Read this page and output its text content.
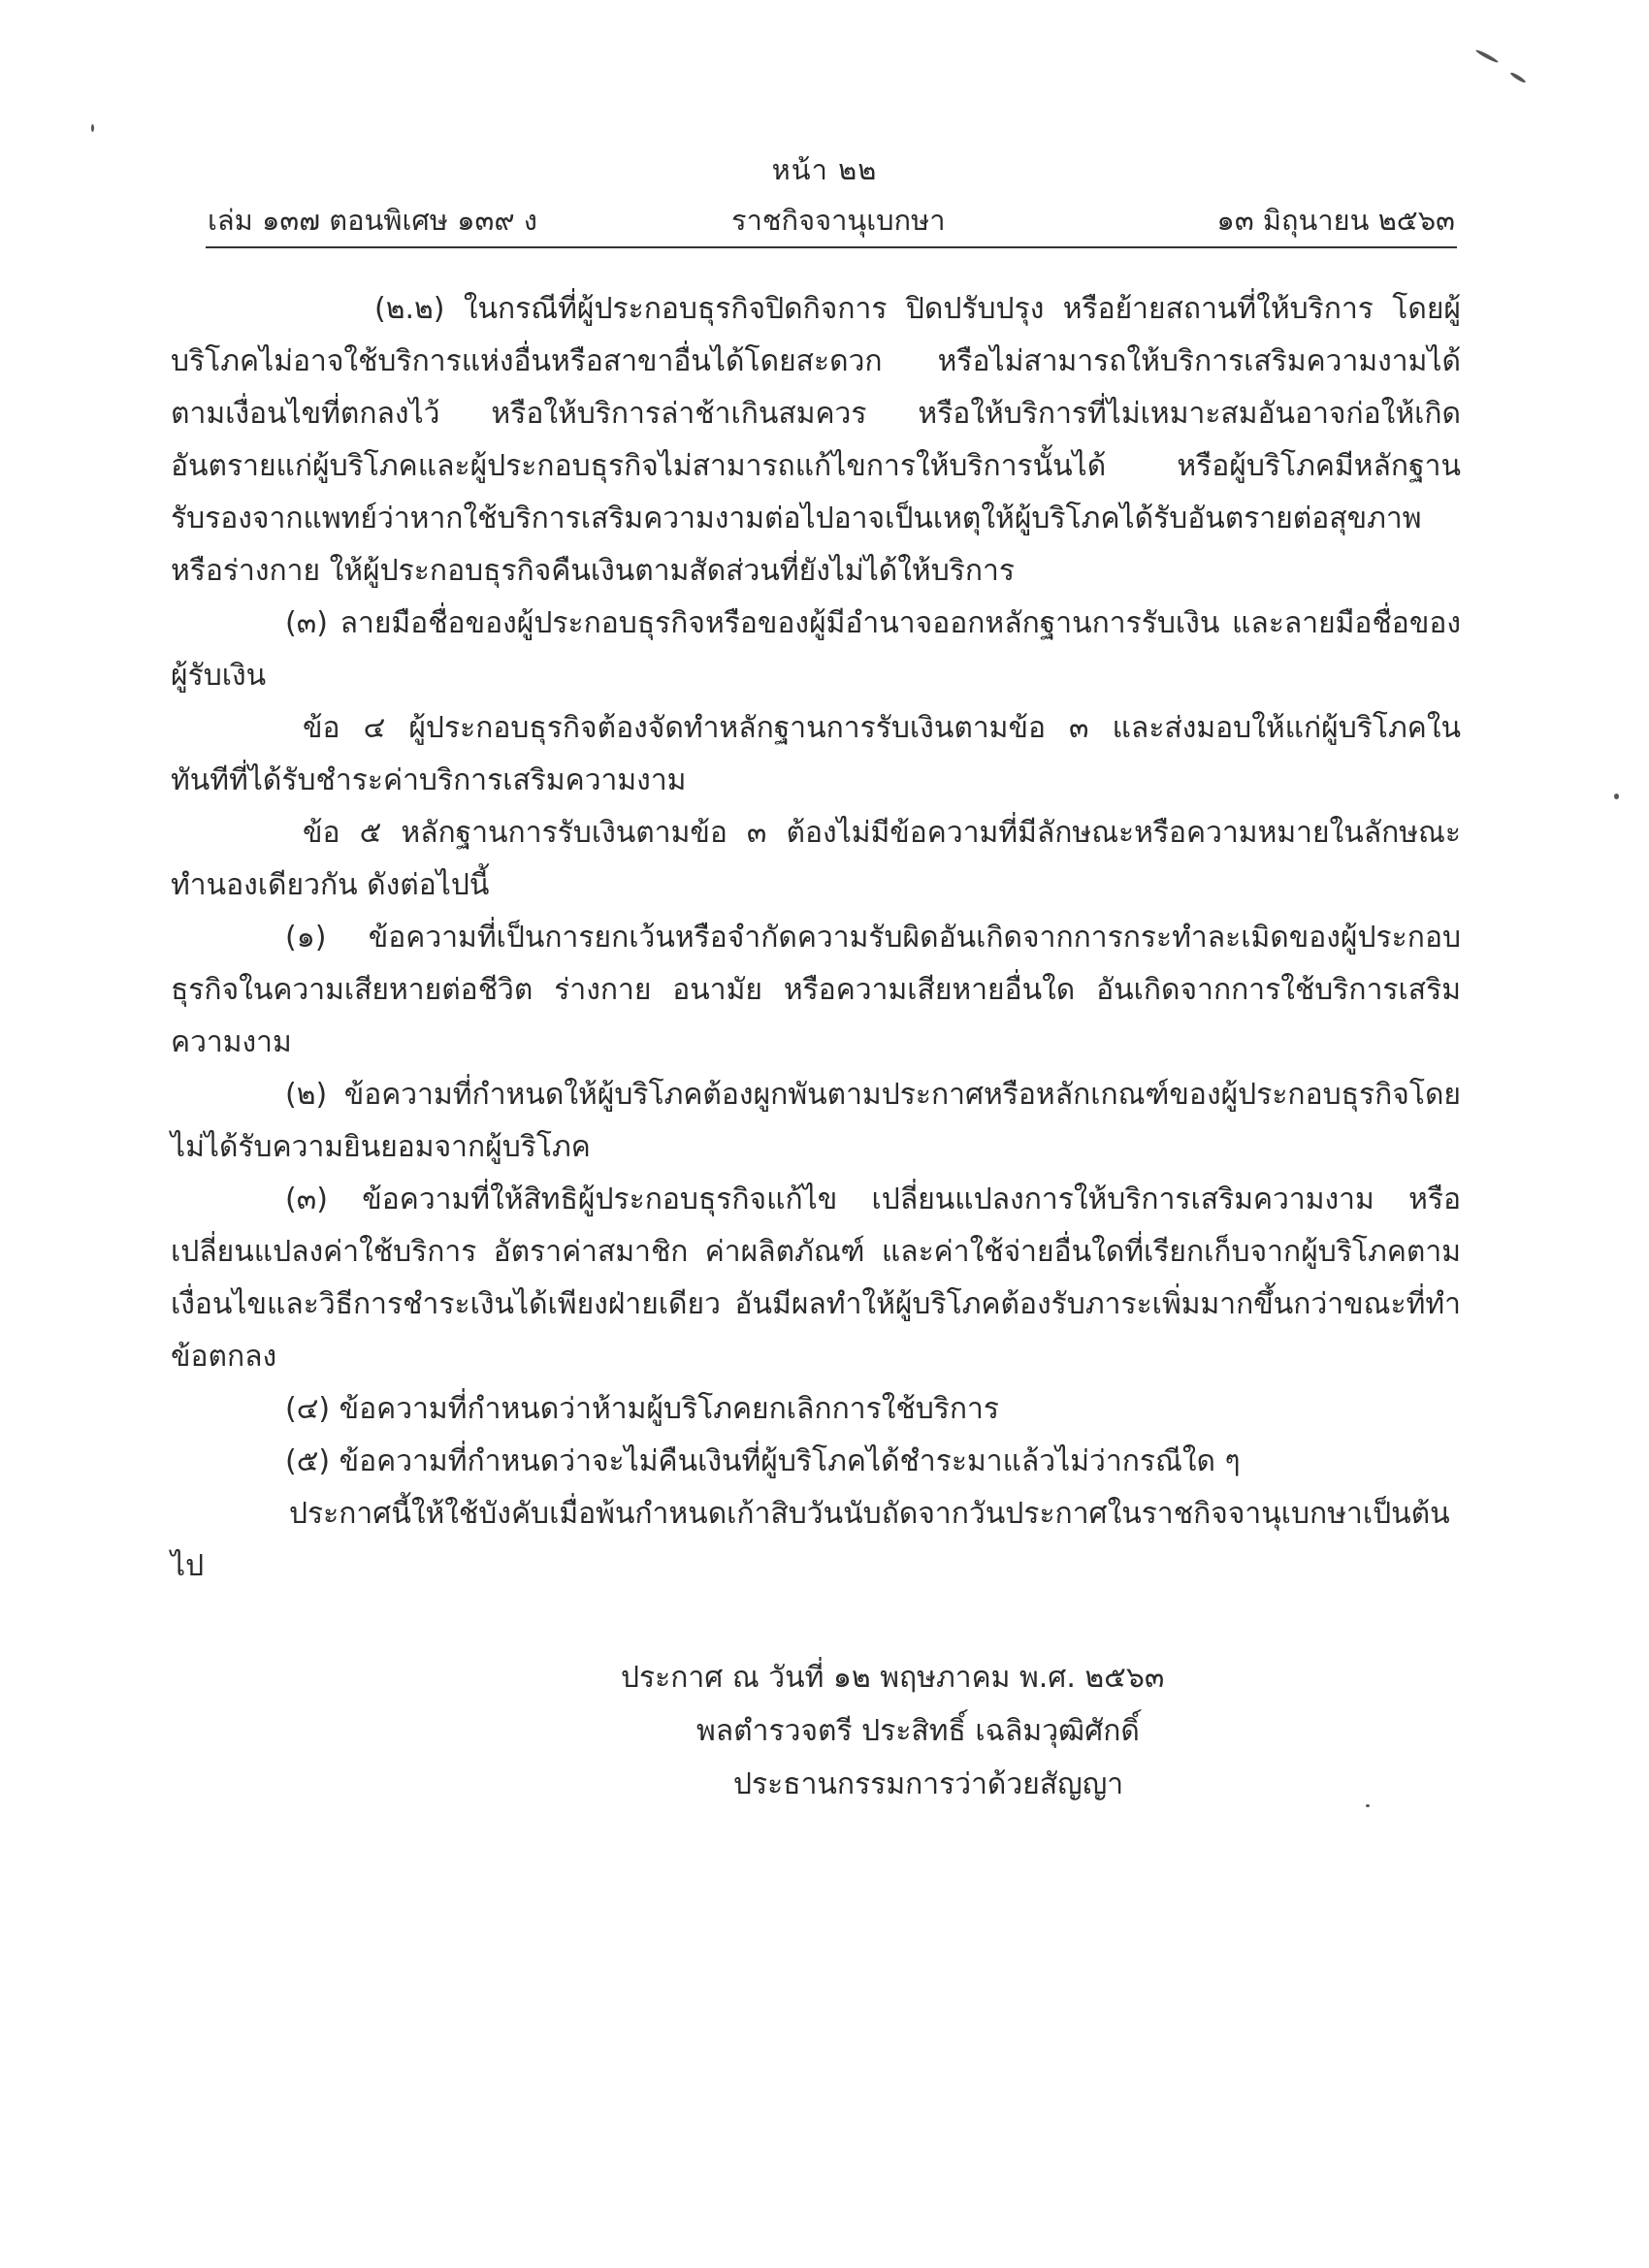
หน้า ๒๒
เล่ม ๑๓๗ ตอนพิเศษ ๑๓๙ ง	ราชกิจจานุเบกษา	๑๓ มิถุนายน ๒๕๖๓

(๒.๒) ในกรณีที่ผู้ประกอบธุรกิจปิดกิจการ ปิดปรับปรุง หรือย้ายสถานที่ให้บริการ โดยผู้บริโภคไม่อาจใช้บริการแห่งอื่นหรือสาขาอื่นได้โดยสะดวก หรือไม่สามารถให้บริการเสริมความงามได้ตามเงื่อนไขที่ตกลงไว้ หรือให้บริการล่าช้าเกินสมควร หรือให้บริการที่ไม่เหมาะสมอันอาจก่อให้เกิดอันตรายแก่ผู้บริโภคและผู้ประกอบธุรกิจไม่สามารถแก้ไขการให้บริการนั้นได้ หรือผู้บริโภคมีหลักฐานรับรองจากแพทย์ว่าหากใช้บริการเสริมความงามต่อไปอาจเป็นเหตุให้ผู้บริโภคได้รับอันตรายต่อสุขภาพหรือร่างกาย ให้ผู้ประกอบธุรกิจคืนเงินตามสัดส่วนที่ยังไม่ได้ให้บริการ

(๓) ลายมือชื่อของผู้ประกอบธุรกิจหรือของผู้มีอำนาจออกหลักฐานการรับเงิน และลายมือชื่อของผู้รับเงิน

ข้อ ๔ ผู้ประกอบธุรกิจต้องจัดทำหลักฐานการรับเงินตามข้อ ๓ และส่งมอบให้แก่ผู้บริโภคในทันทีที่ได้รับชำระค่าบริการเสริมความงาม

ข้อ ๕ หลักฐานการรับเงินตามข้อ ๓ ต้องไม่มีข้อความที่มีลักษณะหรือความหมายในลักษณะทำนองเดียวกัน ดังต่อไปนี้

(๑) ข้อความที่เป็นการยกเว้นหรือจำกัดความรับผิดอันเกิดจากการกระทำละเมิดของผู้ประกอบธุรกิจในความเสียหายต่อชีวิต ร่างกาย อนามัย หรือความเสียหายอื่นใด อันเกิดจากการใช้บริการเสริมความงาม

(๒) ข้อความที่กำหนดให้ผู้บริโภคต้องผูกพันตามประกาศหรือหลักเกณฑ์ของผู้ประกอบธุรกิจโดยไม่ได้รับความยินยอมจากผู้บริโภค

(๓) ข้อความที่ให้สิทธิผู้ประกอบธุรกิจแก้ไข เปลี่ยนแปลงการให้บริการเสริมความงาม หรือเปลี่ยนแปลงค่าใช้บริการ อัตราค่าสมาชิก ค่าผลิตภัณฑ์ และค่าใช้จ่ายอื่นใดที่เรียกเก็บจากผู้บริโภคตามเงื่อนไขและวิธีการชำระเงินได้เพียงฝ่ายเดียว อันมีผลทำให้ผู้บริโภคต้องรับภาระเพิ่มมากขึ้นกว่าขณะที่ทำข้อตกลง

(๔) ข้อความที่กำหนดว่าห้ามผู้บริโภคยกเลิกการใช้บริการ

(๕) ข้อความที่กำหนดว่าจะไม่คืนเงินที่ผู้บริโภคได้ชำระมาแล้วไม่ว่ากรณีใด ๆ

ประกาศนี้ให้ใช้บังคับเมื่อพ้นกำหนดเก้าสิบวันนับถัดจากวันประกาศในราชกิจจานุเบกษาเป็นต้นไป

ประกาศ ณ วันที่ ๑๒ พฤษภาคม พ.ศ. ๒๕๖๓
พลตำรวจตรี ประสิทธิ์ เฉลิมวุฒิศักดิ์
ประธานกรรมการว่าด้วยสัญญา
